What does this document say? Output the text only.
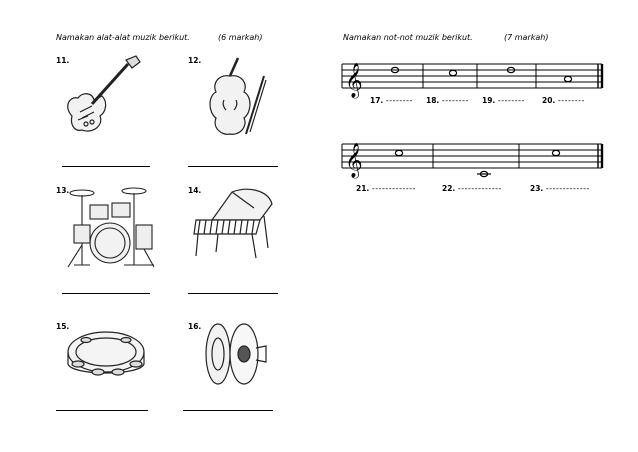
Namakan alat-alat muzik berikut.	(6 markah)
11.	12.
13.	14.
15.	16.
Namakan not-not muzik berikut.	(7 markah)
𝄞
17. -------- 18. -------- 19. -------- 20. --------
𝄞
21. -------------	22. -------------	23. -------------
